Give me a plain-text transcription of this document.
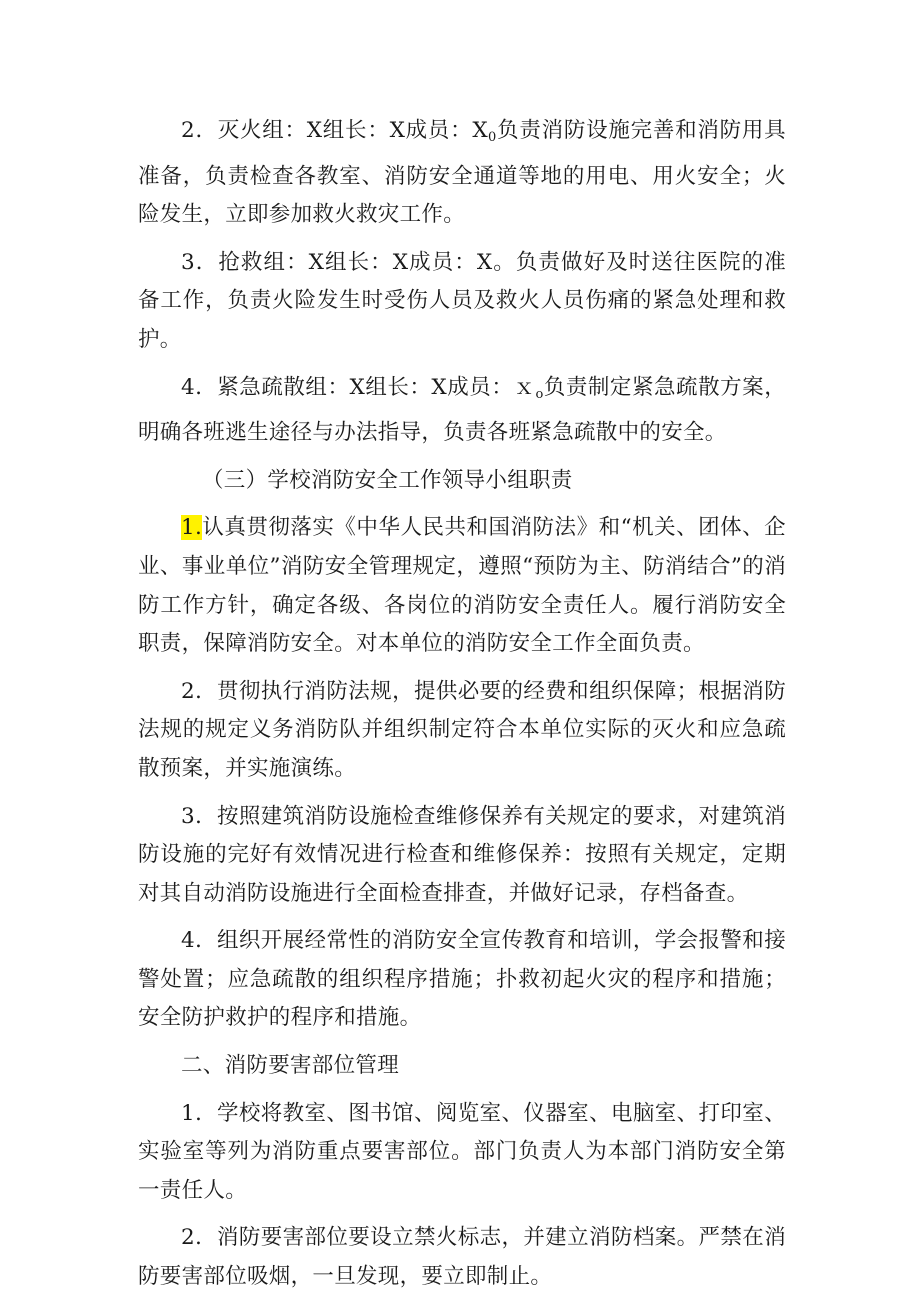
2．灭火组：X组长：X成员：$X_0$负责消防设施完善和消防用具准备，负责检查各教室、消防安全通道等地的用电、用火安全；火险发生，立即参加救火救灾工作。

3．抢救组：X组长：X成员：X。负责做好及时送往医院的准备工作，负责火险发生时受伤人员及救火人员伤痛的紧急处理和救护。

4．紧急疏散组：X组长：X成员：ｘ$_o$负责制定紧急疏散方案，明确各班逃生途径与办法指导，负责各班紧急疏散中的安全。

（三）学校消防安全工作领导小组职责

1.认真贯彻落实《中华人民共和国消防法》和“机关、团体、企业、事业单位”消防安全管理规定，遵照“预防为主、防消结合”的消防工作方针，确定各级、各岗位的消防安全责任人。履行消防安全职责，保障消防安全。对本单位的消防安全工作全面负责。

2．贯彻执行消防法规，提供必要的经费和组织保障；根据消防法规的规定义务消防队并组织制定符合本单位实际的灭火和应急疏散预案，并实施演练。

3．按照建筑消防设施检查维修保养有关规定的要求，对建筑消防设施的完好有效情况进行检查和维修保养：按照有关规定，定期对其自动消防设施进行全面检查排查，并做好记录，存档备查。

4．组织开展经常性的消防安全宣传教育和培训，学会报警和接警处置；应急疏散的组织程序措施；扑救初起火灾的程序和措施；安全防护救护的程序和措施。

二、消防要害部位管理

1．学校将教室、图书馆、阅览室、仪器室、电脑室、打印室、实验室等列为消防重点要害部位。部门负责人为本部门消防安全第一责任人。

2．消防要害部位要设立禁火标志，并建立消防档案。严禁在消防要害部位吸烟，一旦发现，要立即制止。
